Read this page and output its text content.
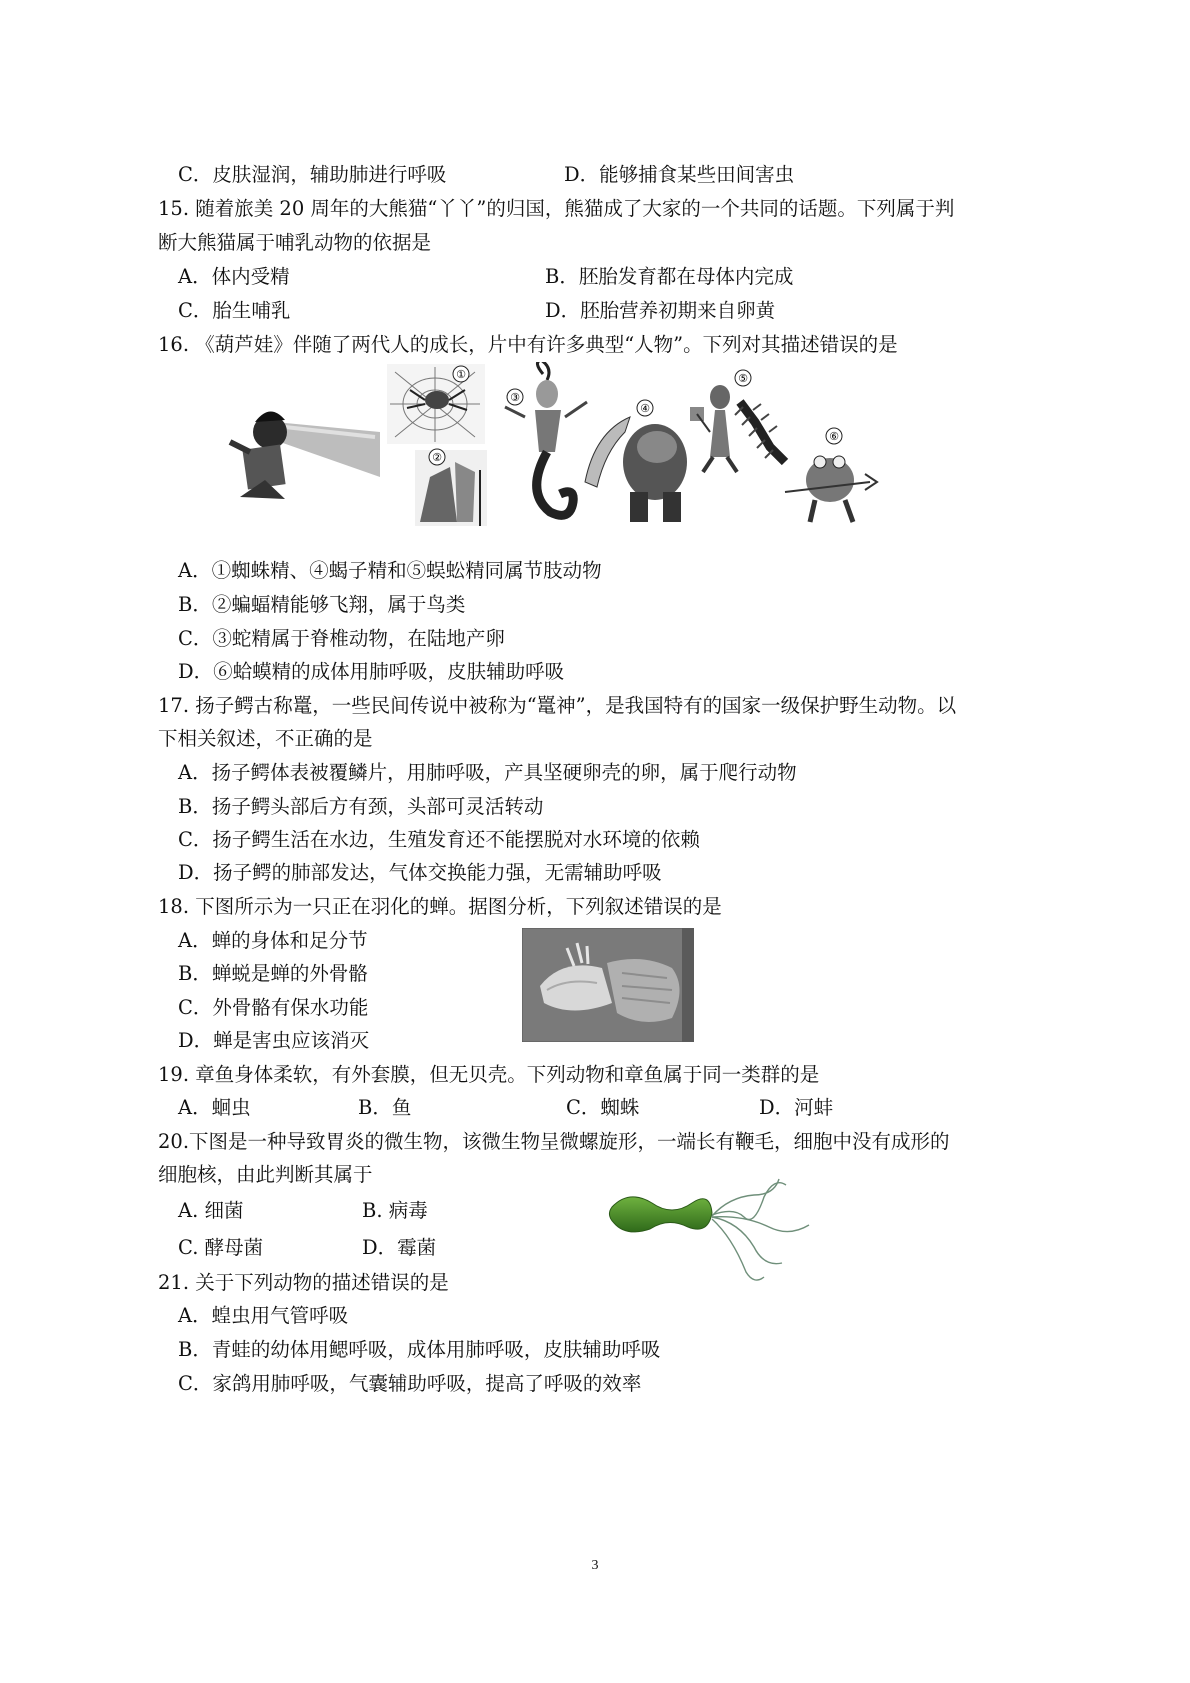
C．皮肤湿润，辅助肺进行呼吸	D．能够捕食某些田间害虫
15. 随着旅美 20 周年的大熊猫“丫丫”的归国，熊猫成了大家的一个共同的话题。下列属于判
断大熊猫属于哺乳动物的依据是
A．体内受精	B．胚胎发育都在母体内完成
C．胎生哺乳	D．胚胎营养初期来自卵黄
16. 《葫芦娃》伴随了两代人的成长，片中有许多典型“人物”。下列对其描述错误的是
①
②
③
④
⑤
⑥
A．①蜘蛛精、④蝎子精和⑤蜈蚣精同属节肢动物
B．②蝙蝠精能够飞翔，属于鸟类
C．③蛇精属于脊椎动物，在陆地产卵
D．⑥蛤蟆精的成体用肺呼吸，皮肤辅助呼吸
17. 扬子鳄古称鼍，一些民间传说中被称为“鼍神”，是我国特有的国家一级保护野生动物。以
下相关叙述，不正确的是
A．扬子鳄体表被覆鳞片，用肺呼吸，产具坚硬卵壳的卵，属于爬行动物
B．扬子鳄头部后方有颈，头部可灵活转动
C．扬子鳄生活在水边，生殖发育还不能摆脱对水环境的依赖
D．扬子鳄的肺部发达，气体交换能力强，无需辅助呼吸
18. 下图所示为一只正在羽化的蝉。据图分析，下列叙述错误的是
A．蝉的身体和足分节
B．蝉蜕是蝉的外骨骼
C．外骨骼有保水功能
D．蝉是害虫应该消灭
19. 章鱼身体柔软，有外套膜，但无贝壳。下列动物和章鱼属于同一类群的是
A．蛔虫	B．鱼	C．蜘蛛	D．河蚌
20.下图是一种导致胃炎的微生物，该微生物呈微螺旋形，一端长有鞭毛，细胞中没有成形的
细胞核，由此判断其属于
A. 细菌	B. 病毒
C. 酵母菌	D．霉菌
21. 关于下列动物的描述错误的是
A．蝗虫用气管呼吸
B．青蛙的幼体用鳃呼吸，成体用肺呼吸，皮肤辅助呼吸
C．家鸽用肺呼吸，气囊辅助呼吸，提高了呼吸的效率
3
